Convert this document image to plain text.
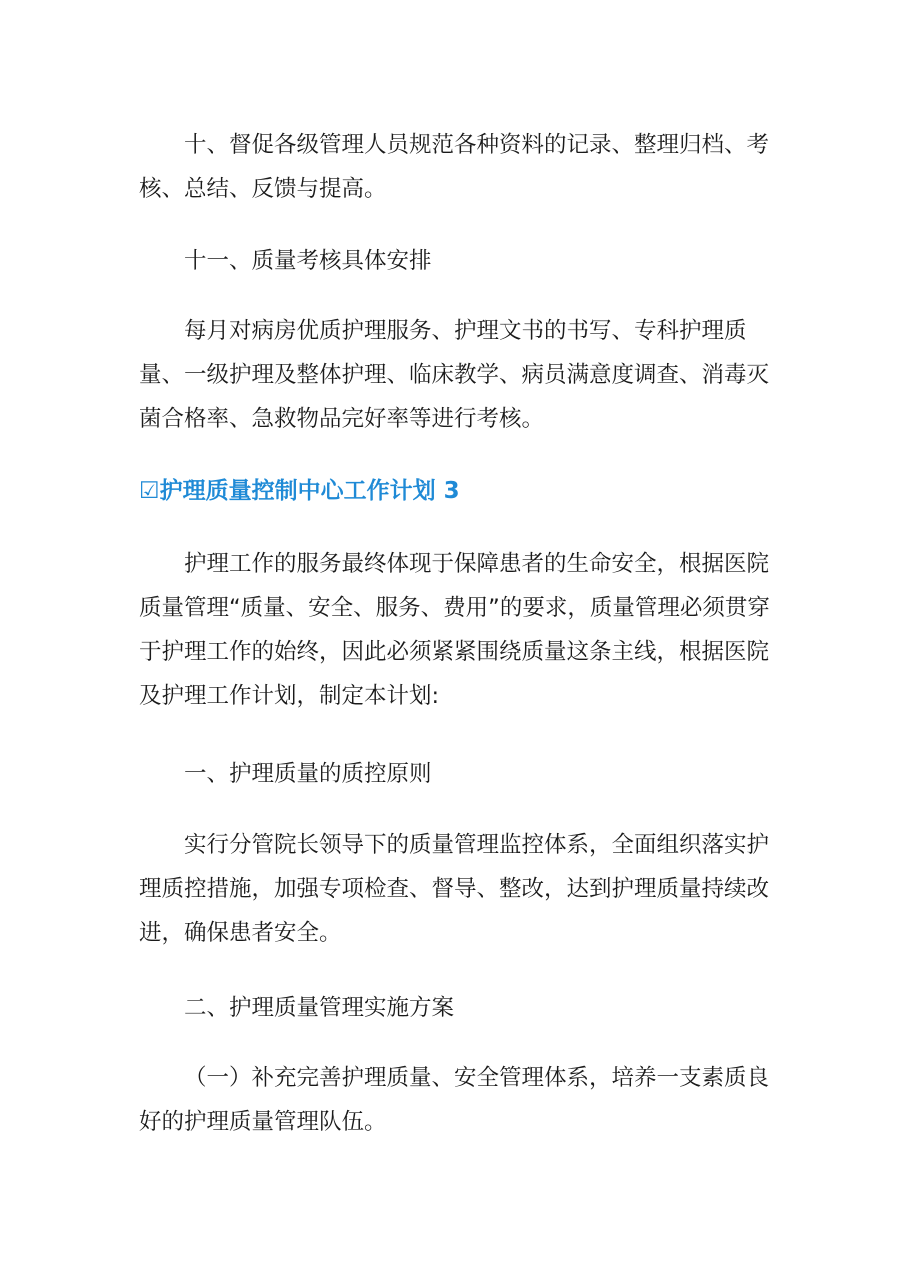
十、督促各级管理人员规范各种资料的记录、整理归档、考核、总结、反馈与提高。

十一、质量考核具体安排

每月对病房优质护理服务、护理文书的书写、专科护理质量、一级护理及整体护理、临床教学、病员满意度调查、消毒灭菌合格率、急救物品完好率等进行考核。

☑护理质量控制中心工作计划 3

护理工作的服务最终体现于保障患者的生命安全，根据医院质量管理“质量、安全、服务、费用”的要求，质量管理必须贯穿于护理工作的始终，因此必须紧紧围绕质量这条主线，根据医院及护理工作计划，制定本计划:

一、护理质量的质控原则

实行分管院长领导下的质量管理监控体系，全面组织落实护理质控措施，加强专项检查、督导、整改，达到护理质量持续改进，确保患者安全。

二、护理质量管理实施方案

（一）补充完善护理质量、安全管理体系，培养一支素质良好的护理质量管理队伍。
